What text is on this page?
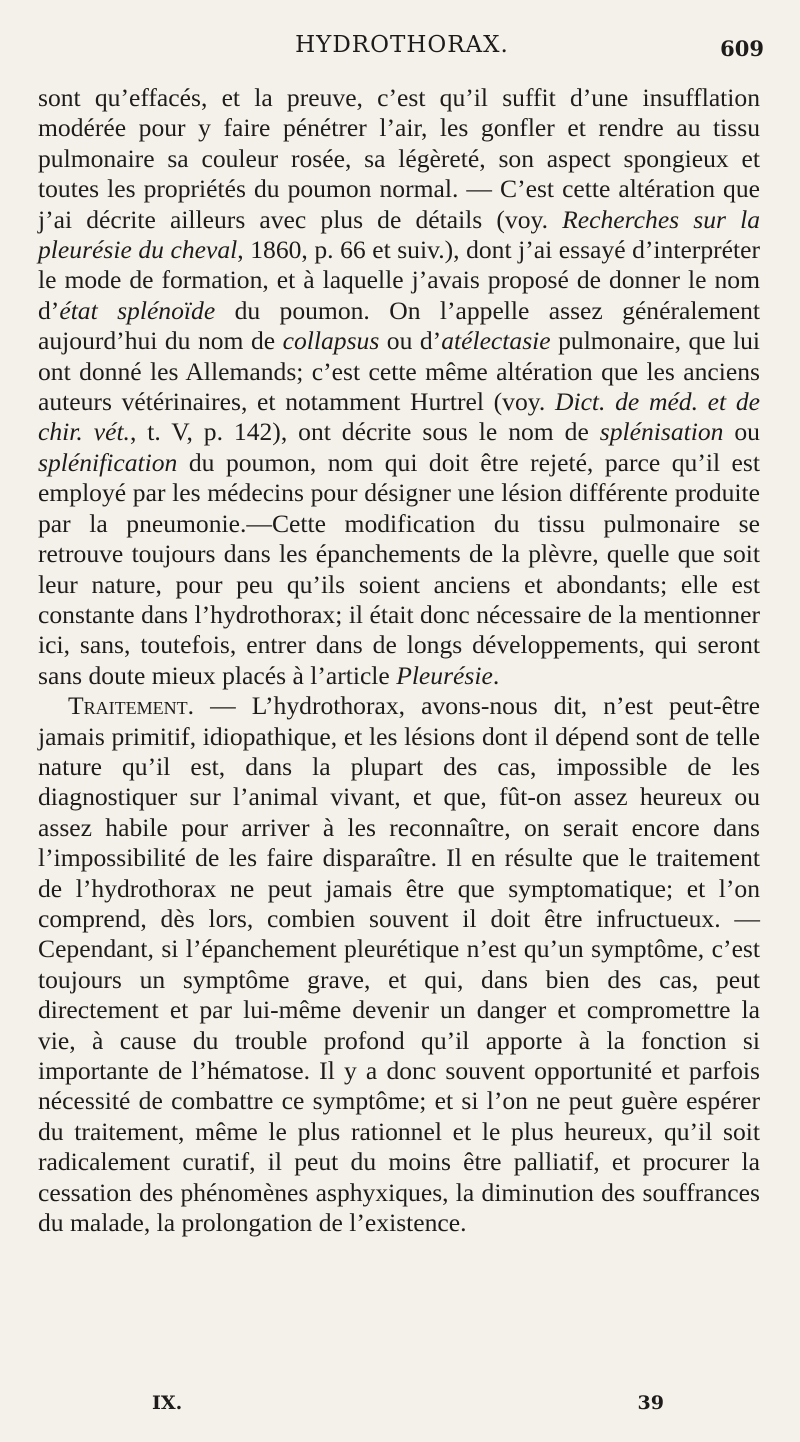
HYDROTHORAX.	609

sont qu’effacés, et la preuve, c’est qu’il suffit d’une insufflation modérée pour y faire pénétrer l’air, les gonfler et rendre au tissu pulmonaire sa couleur rosée, sa légèreté, son aspect spongieux et toutes les propriétés du poumon normal. — C’est cette altération que j’ai décrite ailleurs avec plus de détails (voy. Recherches sur la pleurésie du cheval, 1860, p. 66 et suiv.), dont j’ai essayé d’interpréter le mode de formation, et à laquelle j’avais proposé de donner le nom d’état splénoïde du poumon. On l’appelle assez généralement aujourd’hui du nom de collapsus ou d’atélectasie pulmonaire, que lui ont donné les Allemands; c’est cette même altération que les anciens auteurs vétérinaires, et notamment Hurtrel (voy. Dict. de méd. et de chir. vét., t. V, p. 142), ont décrite sous le nom de splénisation ou splénification du poumon, nom qui doit être rejeté, parce qu’il est employé par les médecins pour désigner une lésion différente produite par la pneumonie.—Cette modification du tissu pulmonaire se retrouve toujours dans les épanchements de la plèvre, quelle que soit leur nature, pour peu qu’ils soient anciens et abondants; elle est constante dans l’hydrothorax; il était donc nécessaire de la mentionner ici, sans, toutefois, entrer dans de longs développements, qui seront sans doute mieux placés à l’article Pleurésie.

Traitement. — L’hydrothorax, avons-nous dit, n’est peut-être jamais primitif, idiopathique, et les lésions dont il dépend sont de telle nature qu’il est, dans la plupart des cas, impossible de les diagnostiquer sur l’animal vivant, et que, fût-on assez heureux ou assez habile pour arriver à les reconnaître, on serait encore dans l’impossibilité de les faire disparaître. Il en résulte que le traitement de l’hydrothorax ne peut jamais être que symptomatique; et l’on comprend, dès lors, combien souvent il doit être infructueux. — Cependant, si l’épanchement pleurétique n’est qu’un symptôme, c’est toujours un symptôme grave, et qui, dans bien des cas, peut directement et par lui-même devenir un danger et compromettre la vie, à cause du trouble profond qu’il apporte à la fonction si importante de l’hématose. Il y a donc souvent opportunité et parfois nécessité de combattre ce symptôme; et si l’on ne peut guère espérer du traitement, même le plus rationnel et le plus heureux, qu’il soit radicalement curatif, il peut du moins être palliatif, et procurer la cessation des phénomènes asphyxiques, la diminution des souffrances du malade, la prolongation de l’existence.

IX.	39
